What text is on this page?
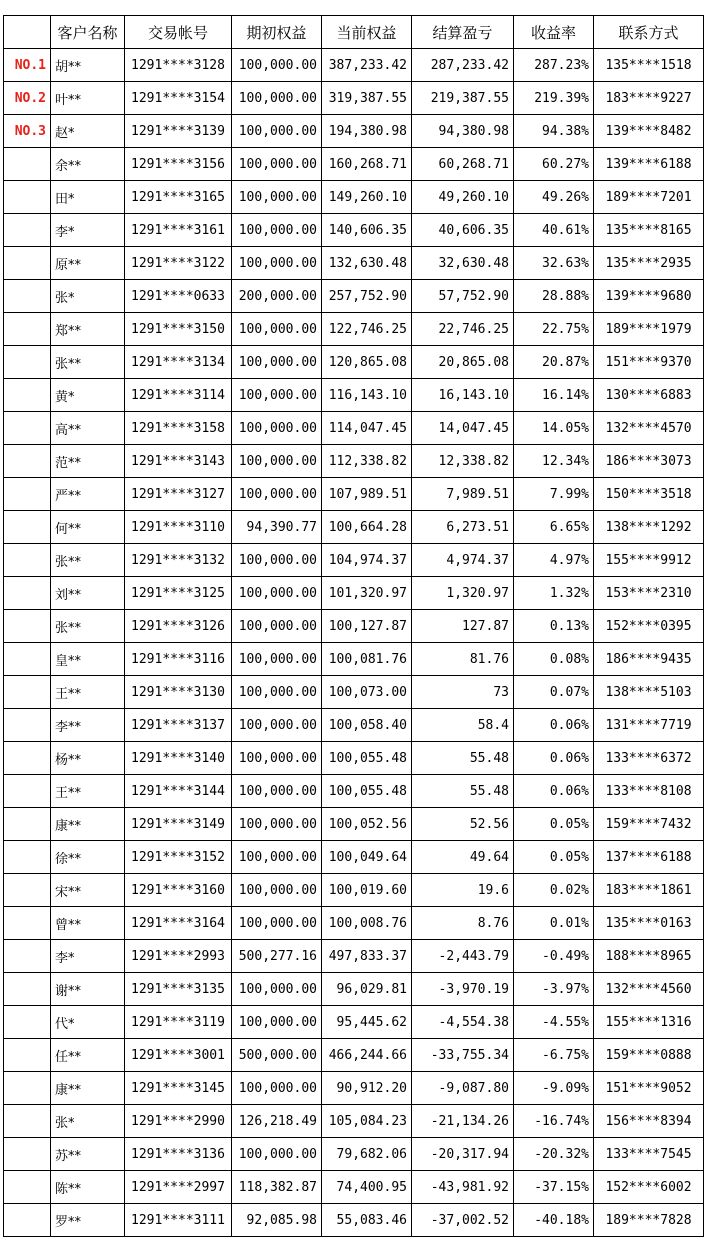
	客户名称	交易帐号	期初权益	当前权益	结算盈亏	收益率	联系方式
NO.1	胡**	1291****3128	100,000.00	387,233.42	287,233.42	287.23%	135****1518
NO.2	叶**	1291****3154	100,000.00	319,387.55	219,387.55	219.39%	183****9227
NO.3	赵*	1291****3139	100,000.00	194,380.98	94,380.98	94.38%	139****8482
	余**	1291****3156	100,000.00	160,268.71	60,268.71	60.27%	139****6188
	田*	1291****3165	100,000.00	149,260.10	49,260.10	49.26%	189****7201
	李*	1291****3161	100,000.00	140,606.35	40,606.35	40.61%	135****8165
	原**	1291****3122	100,000.00	132,630.48	32,630.48	32.63%	135****2935
	张*	1291****0633	200,000.00	257,752.90	57,752.90	28.88%	139****9680
	郑**	1291****3150	100,000.00	122,746.25	22,746.25	22.75%	189****1979
	张**	1291****3134	100,000.00	120,865.08	20,865.08	20.87%	151****9370
	黄*	1291****3114	100,000.00	116,143.10	16,143.10	16.14%	130****6883
	高**	1291****3158	100,000.00	114,047.45	14,047.45	14.05%	132****4570
	范**	1291****3143	100,000.00	112,338.82	12,338.82	12.34%	186****3073
	严**	1291****3127	100,000.00	107,989.51	7,989.51	7.99%	150****3518
	何**	1291****3110	94,390.77	100,664.28	6,273.51	6.65%	138****1292
	张**	1291****3132	100,000.00	104,974.37	4,974.37	4.97%	155****9912
	刘**	1291****3125	100,000.00	101,320.97	1,320.97	1.32%	153****2310
	张**	1291****3126	100,000.00	100,127.87	127.87	0.13%	152****0395
	皇**	1291****3116	100,000.00	100,081.76	81.76	0.08%	186****9435
	王**	1291****3130	100,000.00	100,073.00	73	0.07%	138****5103
	李**	1291****3137	100,000.00	100,058.40	58.4	0.06%	131****7719
	杨**	1291****3140	100,000.00	100,055.48	55.48	0.06%	133****6372
	王**	1291****3144	100,000.00	100,055.48	55.48	0.06%	133****8108
	康**	1291****3149	100,000.00	100,052.56	52.56	0.05%	159****7432
	徐**	1291****3152	100,000.00	100,049.64	49.64	0.05%	137****6188
	宋**	1291****3160	100,000.00	100,019.60	19.6	0.02%	183****1861
	曾**	1291****3164	100,000.00	100,008.76	8.76	0.01%	135****0163
	李*	1291****2993	500,277.16	497,833.37	-2,443.79	-0.49%	188****8965
	谢**	1291****3135	100,000.00	96,029.81	-3,970.19	-3.97%	132****4560
	代*	1291****3119	100,000.00	95,445.62	-4,554.38	-4.55%	155****1316
	任**	1291****3001	500,000.00	466,244.66	-33,755.34	-6.75%	159****0888
	康**	1291****3145	100,000.00	90,912.20	-9,087.80	-9.09%	151****9052
	张*	1291****2990	126,218.49	105,084.23	-21,134.26	-16.74%	156****8394
	苏**	1291****3136	100,000.00	79,682.06	-20,317.94	-20.32%	133****7545
	陈**	1291****2997	118,382.87	74,400.95	-43,981.92	-37.15%	152****6002
	罗**	1291****3111	92,085.98	55,083.46	-37,002.52	-40.18%	189****7828
